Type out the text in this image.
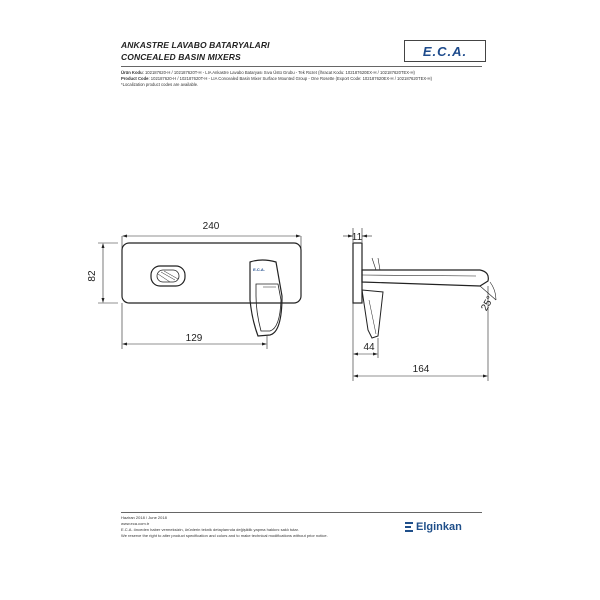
ANKASTRE LAVABO BATARYALARI
CONCEALED BASIN MIXERS	E.C.A.
Ürün Kodu: 102187620-H / 102187620T-H - LIA Ankastre Lavabo Bataryası Sıva Üstü Grubu - Tek Rozet (İhracat Kodu: 102187620EX-H / 102187620TEX-H)
Product Code: 102187620-H / 102187620T-H - LIA Concealed Basin Mixer Surface Mounted Group - One Rosette (Export Code: 102187620EX-H / 102187620TEX-H)
*Localization product codes are available.
240
82
129
E.C.A.
11
25°
44
164
Haziran 2018 / June 2018
www.eca.com.tr
E.C.A. önceden haber vermeksizin, ürünlerin teknik detaylarında değişiklik yapma hakkını saklı tutar.
We reserve the right to alter product specification and colors and to make technical modifications without prior notice.
Elginkan
